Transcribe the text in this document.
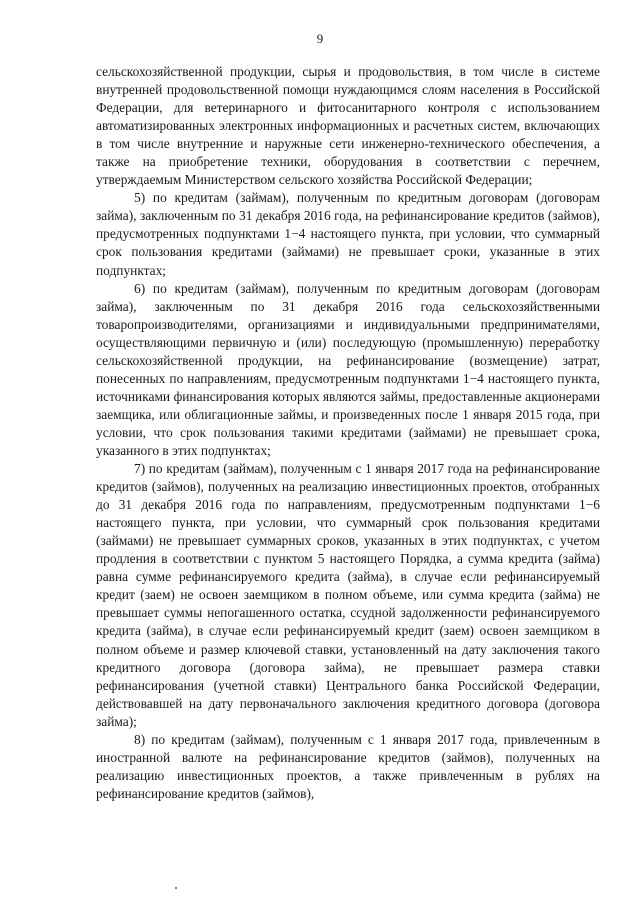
9

сельскохозяйственной продукции, сырья и продовольствия, в том числе в системе внутренней продовольственной помощи нуждающимся слоям населения в Российской Федерации, для ветеринарного и фитосанитарного контроля с использованием автоматизированных электронных информационных и расчетных систем, включающих в том числе внутренние и наружные сети инженерно-технического обеспечения, а также на приобретение техники, оборудования в соответствии с перечнем, утверждаемым Министерством сельского хозяйства Российской Федерации;

5) по кредитам (займам), полученным по кредитным договорам (договорам займа), заключенным по 31 декабря 2016 года, на рефинансирование кредитов (займов), предусмотренных подпунктами 1−4 настоящего пункта, при условии, что суммарный срок пользования кредитами (займами) не превышает сроки, указанные в этих подпунктах;

6) по кредитам (займам), полученным по кредитным договорам (договорам займа), заключенным по 31 декабря 2016 года сельскохозяйственными товаропроизводителями, организациями и индивидуальными предпринимателями, осуществляющими первичную и (или) последующую (промышленную) переработку сельскохозяйственной продукции, на рефинансирование (возмещение) затрат, понесенных по направлениям, предусмотренным подпунктами 1−4 настоящего пункта, источниками финансирования которых являются займы, предоставленные акционерами заемщика, или облигационные займы, и произведенных после 1 января 2015 года, при условии, что срок пользования такими кредитами (займами) не превышает срока, указанного в этих подпунктах;

7) по кредитам (займам), полученным с 1 января 2017 года на рефинансирование кредитов (займов), полученных на реализацию инвестиционных проектов, отобранных до 31 декабря 2016 года по направлениям, предусмотренным подпунктами 1−6 настоящего пункта, при условии, что суммарный срок пользования кредитами (займами) не превышает суммарных сроков, указанных в этих подпунктах, с учетом продления в соответствии с пунктом 5 настоящего Порядка, а сумма кредита (займа) равна сумме рефинансируемого кредита (займа), в случае если рефинансируемый кредит (заем) не освоен заемщиком в полном объеме, или сумма кредита (займа) не превышает суммы непогашенного остатка, ссудной задолженности рефинансируемого кредита (займа), в случае если рефинансируемый кредит (заем) освоен заемщиком в полном объеме и размер ключевой ставки, установленный на дату заключения такого кредитного договора (договора займа), не превышает размера ставки рефинансирования (учетной ставки) Центрального банка Российской Федерации, действовавшей на дату первоначального заключения кредитного договора (договора займа);

8) по кредитам (займам), полученным с 1 января 2017 года, привлеченным в иностранной валюте на рефинансирование кредитов (займов), полученных на реализацию инвестиционных проектов, а также привлеченным в рублях на рефинансирование кредитов (займов),
